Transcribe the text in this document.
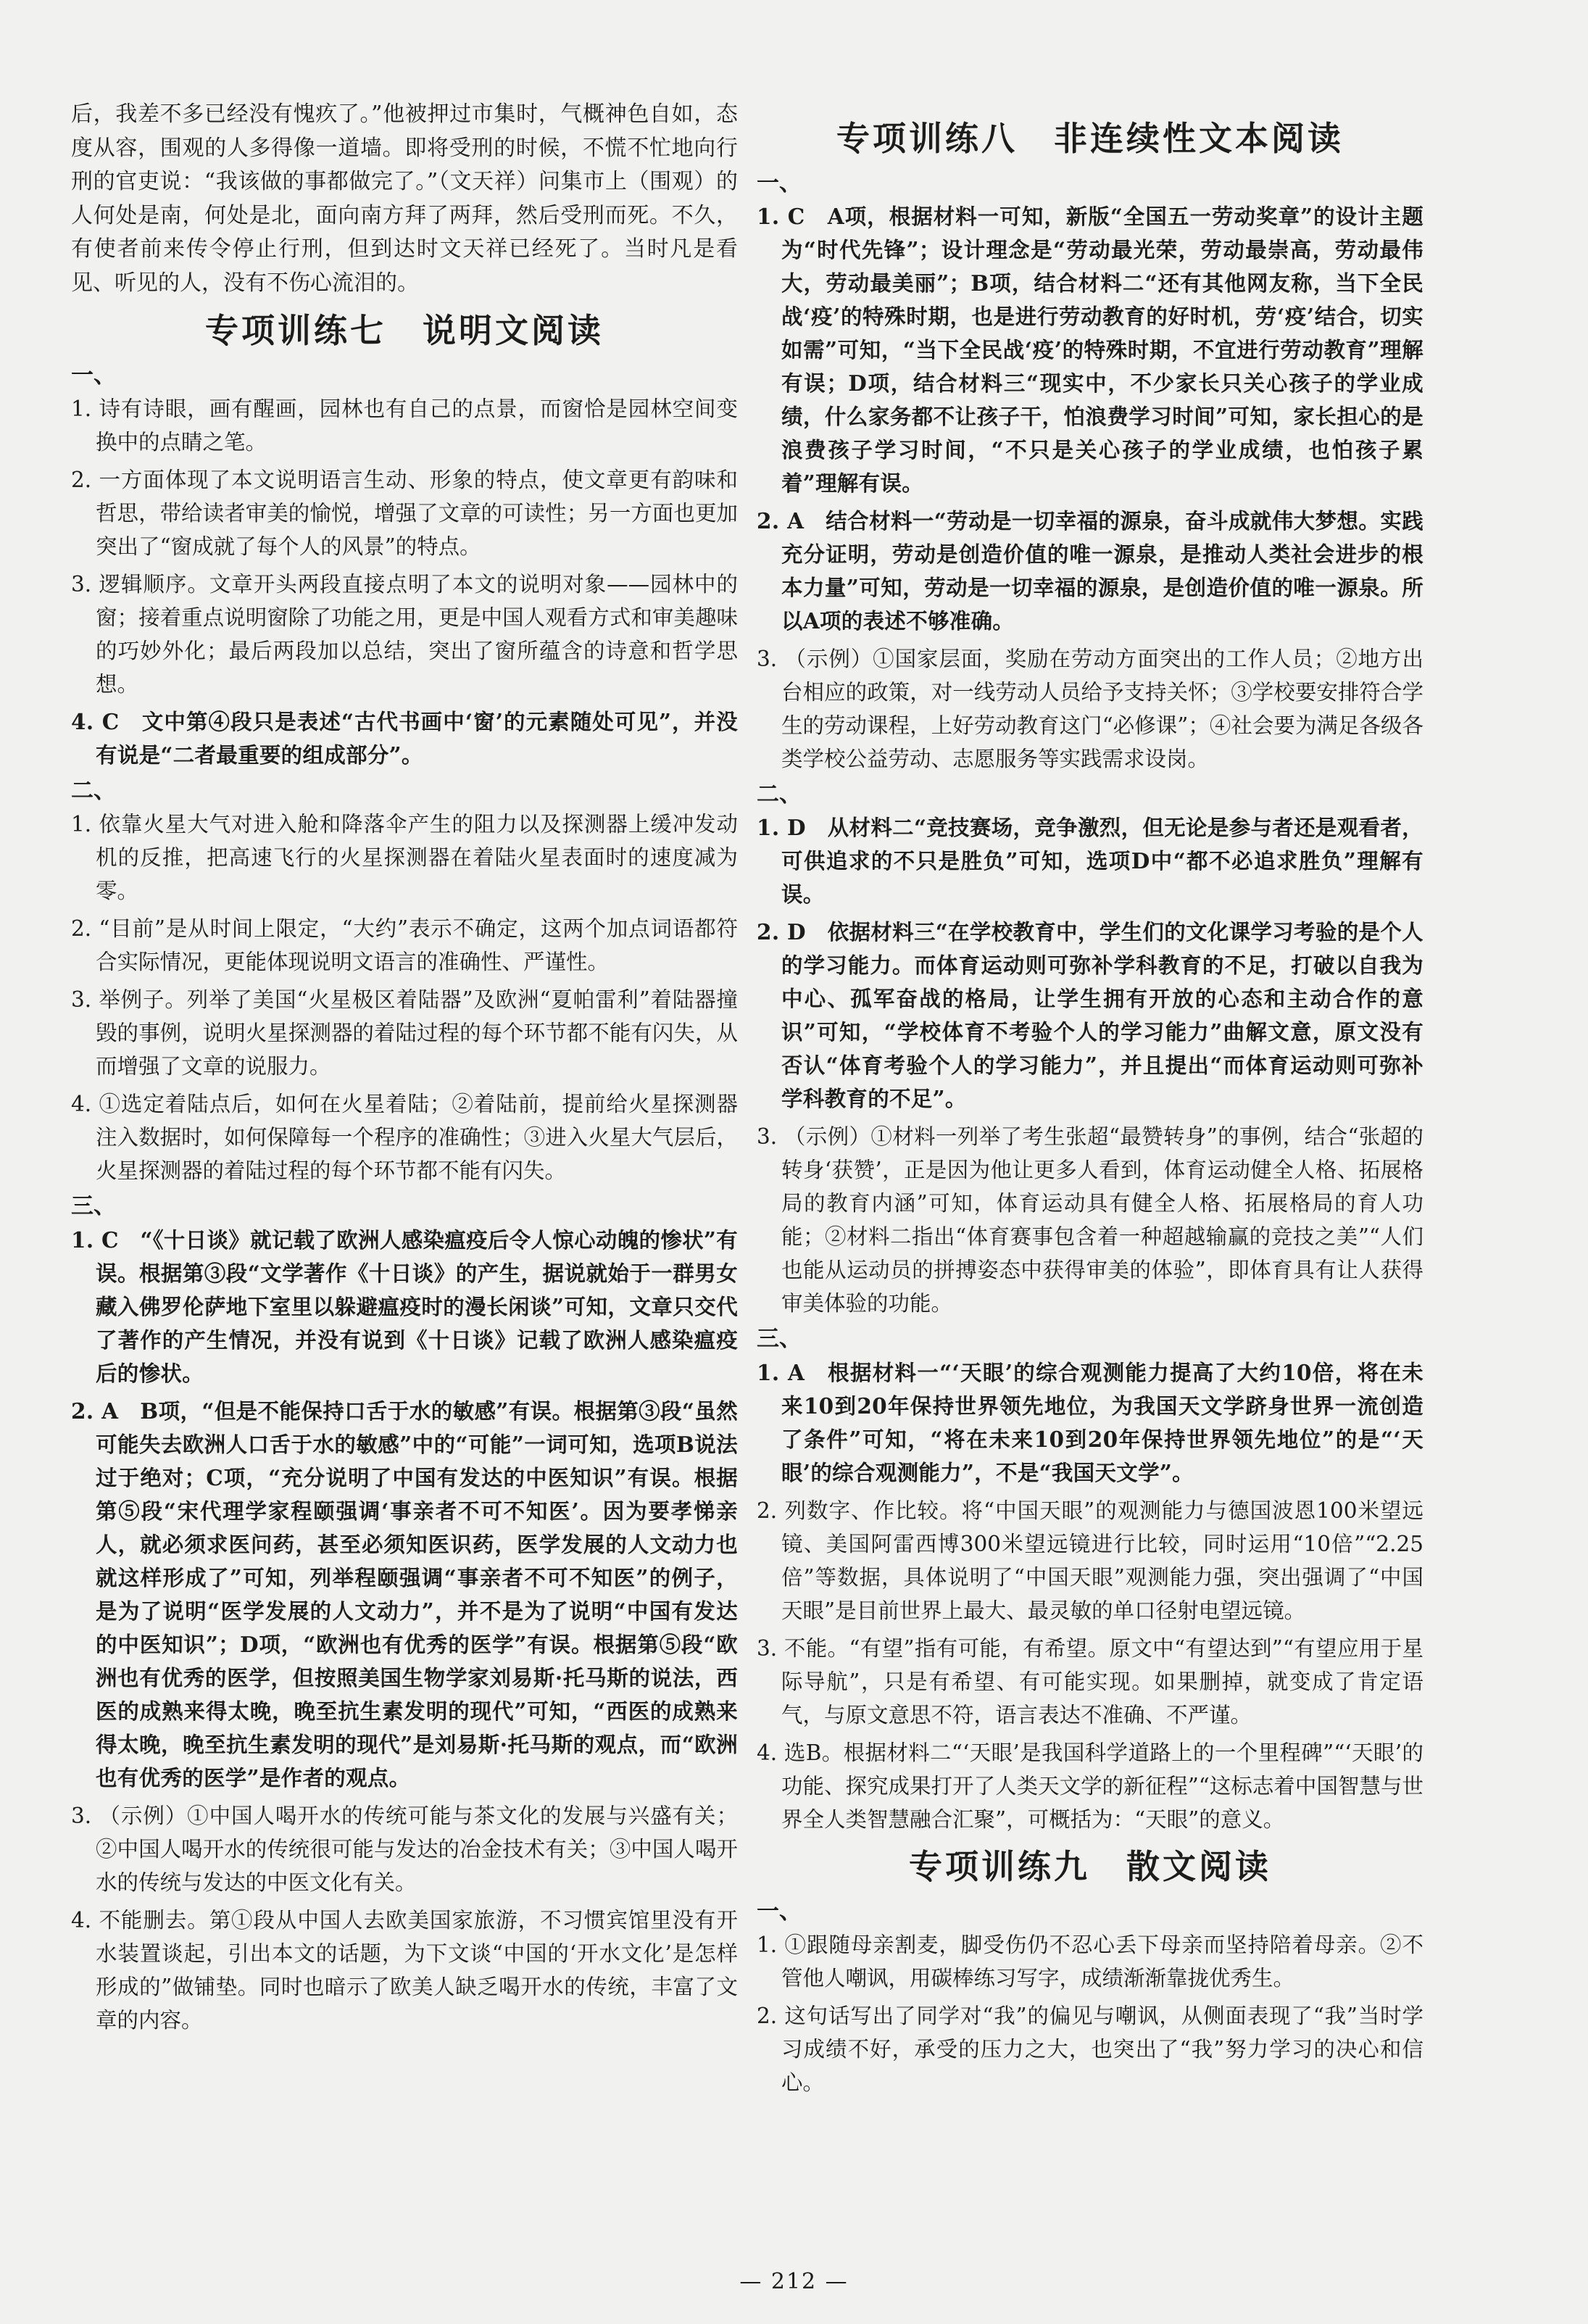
后，我差不多已经没有愧疚了。”他被押过市集时，气概神色自如，态度从容，围观的人多得像一道墙。即将受刑的时候，不慌不忙地向行刑的官吏说：“我该做的事都做完了。”（文天祥）问集市上（围观）的人何处是南，何处是北，面向南方拜了两拜，然后受刑而死。不久，有使者前来传令停止行刑，但到达时文天祥已经死了。当时凡是看见、听见的人，没有不伤心流泪的。

专项训练七　说明文阅读
一、

1. 诗有诗眼，画有醒画，园林也有自己的点景，而窗恰是园林空间变换中的点睛之笔。

2. 一方面体现了本文说明语言生动、形象的特点，使文章更有韵味和哲思，带给读者审美的愉悦，增强了文章的可读性；另一方面也更加突出了“窗成就了每个人的风景”的特点。

3. 逻辑顺序。文章开头两段直接点明了本文的说明对象——园林中的窗；接着重点说明窗除了功能之用，更是中国人观看方式和审美趣味的巧妙外化；最后两段加以总结，突出了窗所蕴含的诗意和哲学思想。

4. C　文中第④段只是表述“古代书画中‘窗’的元素随处可见”，并没有说是“二者最重要的组成部分”。

二、

1. 依靠火星大气对进入舱和降落伞产生的阻力以及探测器上缓冲发动机的反推，把高速飞行的火星探测器在着陆火星表面时的速度减为零。

2. “目前”是从时间上限定，“大约”表示不确定，这两个加点词语都符合实际情况，更能体现说明文语言的准确性、严谨性。

3. 举例子。列举了美国“火星极区着陆器”及欧洲“夏帕雷利”着陆器撞毁的事例，说明火星探测器的着陆过程的每个环节都不能有闪失，从而增强了文章的说服力。

4. ①选定着陆点后，如何在火星着陆；②着陆前，提前给火星探测器注入数据时，如何保障每一个程序的准确性；③进入火星大气层后，火星探测器的着陆过程的每个环节都不能有闪失。

三、

1. C　“《十日谈》就记载了欧洲人感染瘟疫后令人惊心动魄的惨状”有误。根据第③段“文学著作《十日谈》的产生，据说就始于一群男女藏入佛罗伦萨地下室里以躲避瘟疫时的漫长闲谈”可知，文章只交代了著作的产生情况，并没有说到《十日谈》记载了欧洲人感染瘟疫后的惨状。

2. A　B项，“但是不能保持口舌于水的敏感”有误。根据第③段“虽然可能失去欧洲人口舌于水的敏感”中的“可能”一词可知，选项B说法过于绝对；C项，“充分说明了中国有发达的中医知识”有误。根据第⑤段“宋代理学家程颐强调‘事亲者不可不知医’。因为要孝悌亲人，就必须求医问药，甚至必须知医识药，医学发展的人文动力也就这样形成了”可知，列举程颐强调“事亲者不可不知医”的例子，是为了说明“医学发展的人文动力”，并不是为了说明“中国有发达的中医知识”；D项，“欧洲也有优秀的医学”有误。根据第⑤段“欧洲也有优秀的医学，但按照美国生物学家刘易斯·托马斯的说法，西医的成熟来得太晚，晚至抗生素发明的现代”可知，“西医的成熟来得太晚，晚至抗生素发明的现代”是刘易斯·托马斯的观点，而“欧洲也有优秀的医学”是作者的观点。

3. （示例）①中国人喝开水的传统可能与茶文化的发展与兴盛有关；②中国人喝开水的传统很可能与发达的冶金技术有关；③中国人喝开水的传统与发达的中医文化有关。

4. 不能删去。第①段从中国人去欧美国家旅游，不习惯宾馆里没有开水装置谈起，引出本文的话题，为下文谈“中国的‘开水文化’是怎样形成的”做铺垫。同时也暗示了欧美人缺乏喝开水的传统，丰富了文章的内容。

专项训练八　非连续性文本阅读
一、

1. C　A项，根据材料一可知，新版“全国五一劳动奖章”的设计主题为“时代先锋”；设计理念是“劳动最光荣，劳动最崇高，劳动最伟大，劳动最美丽”；B项，结合材料二“还有其他网友称，当下全民战‘疫’的特殊时期，也是进行劳动教育的好时机，劳‘疫’结合，切实如需”可知，“当下全民战‘疫’的特殊时期，不宜进行劳动教育”理解有误；D项，结合材料三“现实中，不少家长只关心孩子的学业成绩，什么家务都不让孩子干，怕浪费学习时间”可知，家长担心的是浪费孩子学习时间，“不只是关心孩子的学业成绩，也怕孩子累着”理解有误。

2. A　结合材料一“劳动是一切幸福的源泉，奋斗成就伟大梦想。实践充分证明，劳动是创造价值的唯一源泉，是推动人类社会进步的根本力量”可知，劳动是一切幸福的源泉，是创造价值的唯一源泉。所以A项的表述不够准确。

3. （示例）①国家层面，奖励在劳动方面突出的工作人员；②地方出台相应的政策，对一线劳动人员给予支持关怀；③学校要安排符合学生的劳动课程，上好劳动教育这门“必修课”；④社会要为满足各级各类学校公益劳动、志愿服务等实践需求设岗。

二、

1. D　从材料二“竞技赛场，竞争激烈，但无论是参与者还是观看者，可供追求的不只是胜负”可知，选项D中“都不必追求胜负”理解有误。

2. D　依据材料三“在学校教育中，学生们的文化课学习考验的是个人的学习能力。而体育运动则可弥补学科教育的不足，打破以自我为中心、孤军奋战的格局，让学生拥有开放的心态和主动合作的意识”可知，“学校体育不考验个人的学习能力”曲解文意，原文没有否认“体育考验个人的学习能力”，并且提出“而体育运动则可弥补学科教育的不足”。

3. （示例）①材料一列举了考生张超“最赞转身”的事例，结合“张超的转身‘获赞’，正是因为他让更多人看到，体育运动健全人格、拓展格局的教育内涵”可知，体育运动具有健全人格、拓展格局的育人功能；②材料二指出“体育赛事包含着一种超越输赢的竞技之美”“人们也能从运动员的拼搏姿态中获得审美的体验”，即体育具有让人获得审美体验的功能。

三、

1. A　根据材料一“‘天眼’的综合观测能力提高了大约10倍，将在未来10到20年保持世界领先地位，为我国天文学跻身世界一流创造了条件”可知，“将在未来10到20年保持世界领先地位”的是“‘天眼’的综合观测能力”，不是“我国天文学”。

2. 列数字、作比较。将“中国天眼”的观测能力与德国波恩100米望远镜、美国阿雷西博300米望远镜进行比较，同时运用“10倍”“2.25倍”等数据，具体说明了“中国天眼”观测能力强，突出强调了“中国天眼”是目前世界上最大、最灵敏的单口径射电望远镜。

3. 不能。“有望”指有可能，有希望。原文中“有望达到”“有望应用于星际导航”，只是有希望、有可能实现。如果删掉，就变成了肯定语气，与原文意思不符，语言表达不准确、不严谨。

4. 选B。根据材料二“‘天眼’是我国科学道路上的一个里程碑”“‘天眼’的功能、探究成果打开了人类天文学的新征程”“这标志着中国智慧与世界全人类智慧融合汇聚”，可概括为：“天眼”的意义。

专项训练九　散文阅读
一、

1. ①跟随母亲割麦，脚受伤仍不忍心丢下母亲而坚持陪着母亲。②不管他人嘲讽，用碳棒练习写字，成绩渐渐靠拢优秀生。

2. 这句话写出了同学对“我”的偏见与嘲讽，从侧面表现了“我”当时学习成绩不好，承受的压力之大，也突出了“我”努力学习的决心和信心。

— 212 —
